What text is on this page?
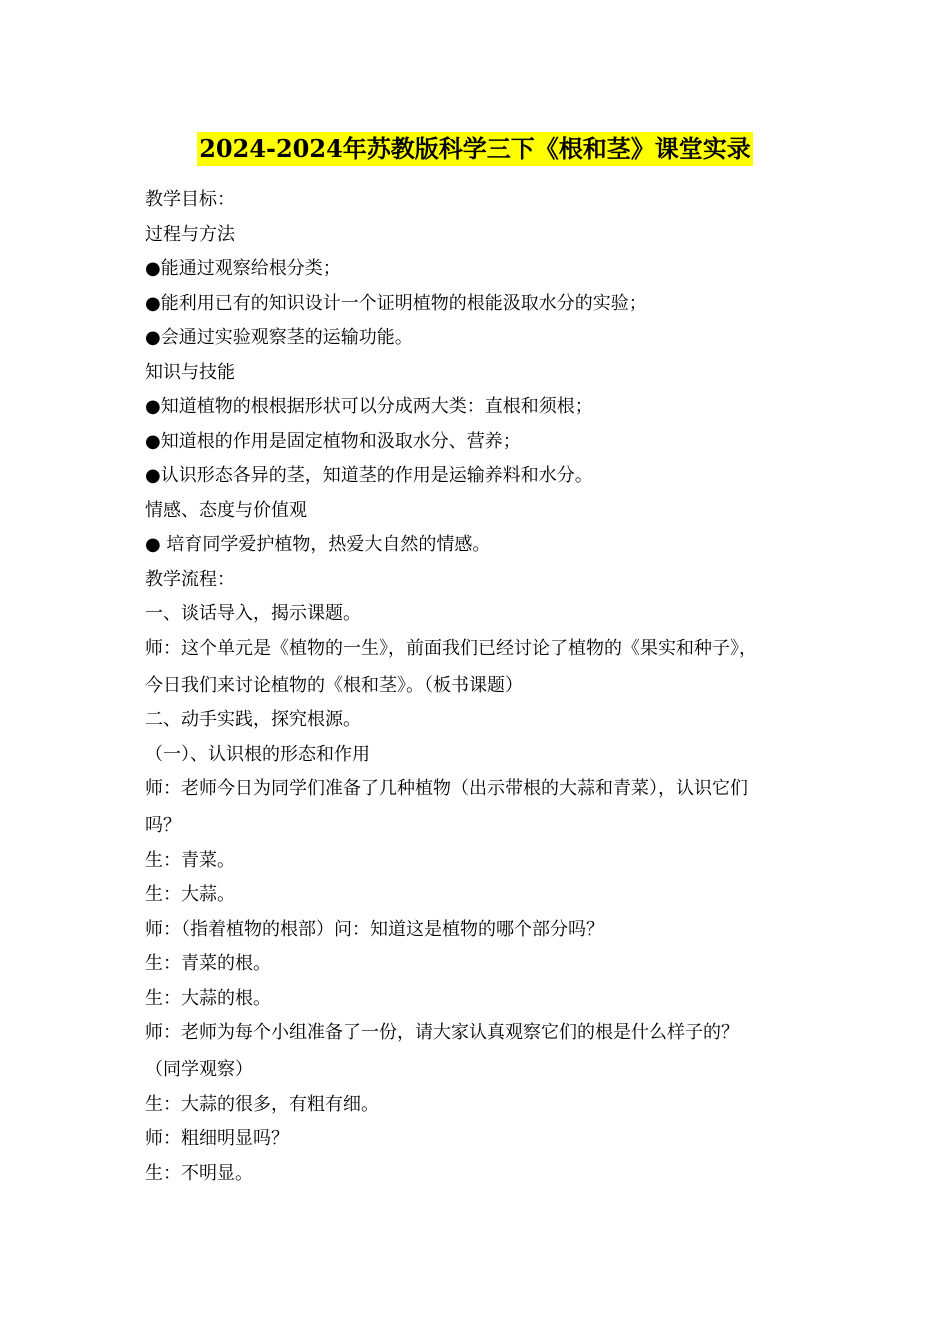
2024-2024年苏教版科学三下《根和茎》课堂实录
教学目标：
过程与方法
●能通过观察给根分类；
●能利用已有的知识设计一个证明植物的根能汲取水分的实验；
●会通过实验观察茎的运输功能。
知识与技能
●知道植物的根根据形状可以分成两大类：直根和须根；
●知道根的作用是固定植物和汲取水分、营养；
●认识形态各异的茎，知道茎的作用是运输养料和水分。
情感、态度与价值观
● 培育同学爱护植物，热爱大自然的情感。
教学流程：
一、谈话导入，揭示课题。
师：这个单元是《植物的一生》，前面我们已经讨论了植物的《果实和种子》，
今日我们来讨论植物的《根和茎》。（板书课题）
二、动手实践，探究根源。
（一）、认识根的形态和作用
师：老师今日为同学们准备了几种植物（出示带根的大蒜和青菜），认识它们
吗？
生：青菜。
生：大蒜。
师：（指着植物的根部）问：知道这是植物的哪个部分吗？
生：青菜的根。
生：大蒜的根。
师：老师为每个小组准备了一份，请大家认真观察它们的根是什么样子的？
（同学观察）
生：大蒜的很多，有粗有细。
师：粗细明显吗？
生：不明显。
